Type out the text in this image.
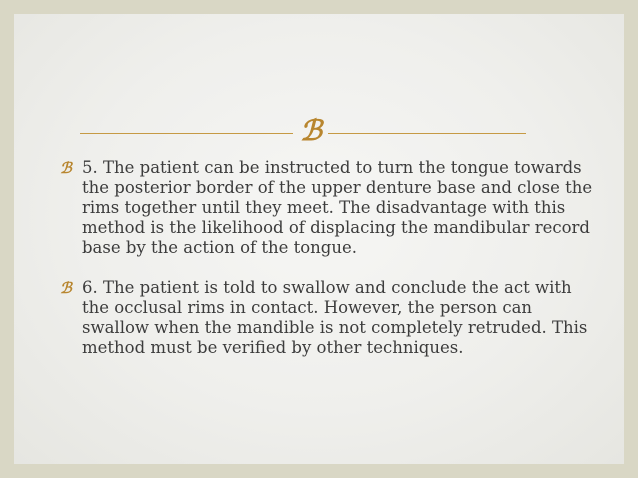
ℬ
ℬ 5. The patient can be instructed to turn the tongue towards the posterior border of the upper denture base and close the rims together until they meet. The disadvantage with this method is the likelihood of displacing the mandibular record base by the action of the tongue.
ℬ 6. The patient is told to swallow and conclude the act with the occlusal rims in contact. However, the person can swallow when the mandible is not completely retruded. This method must be verified by other techniques.
